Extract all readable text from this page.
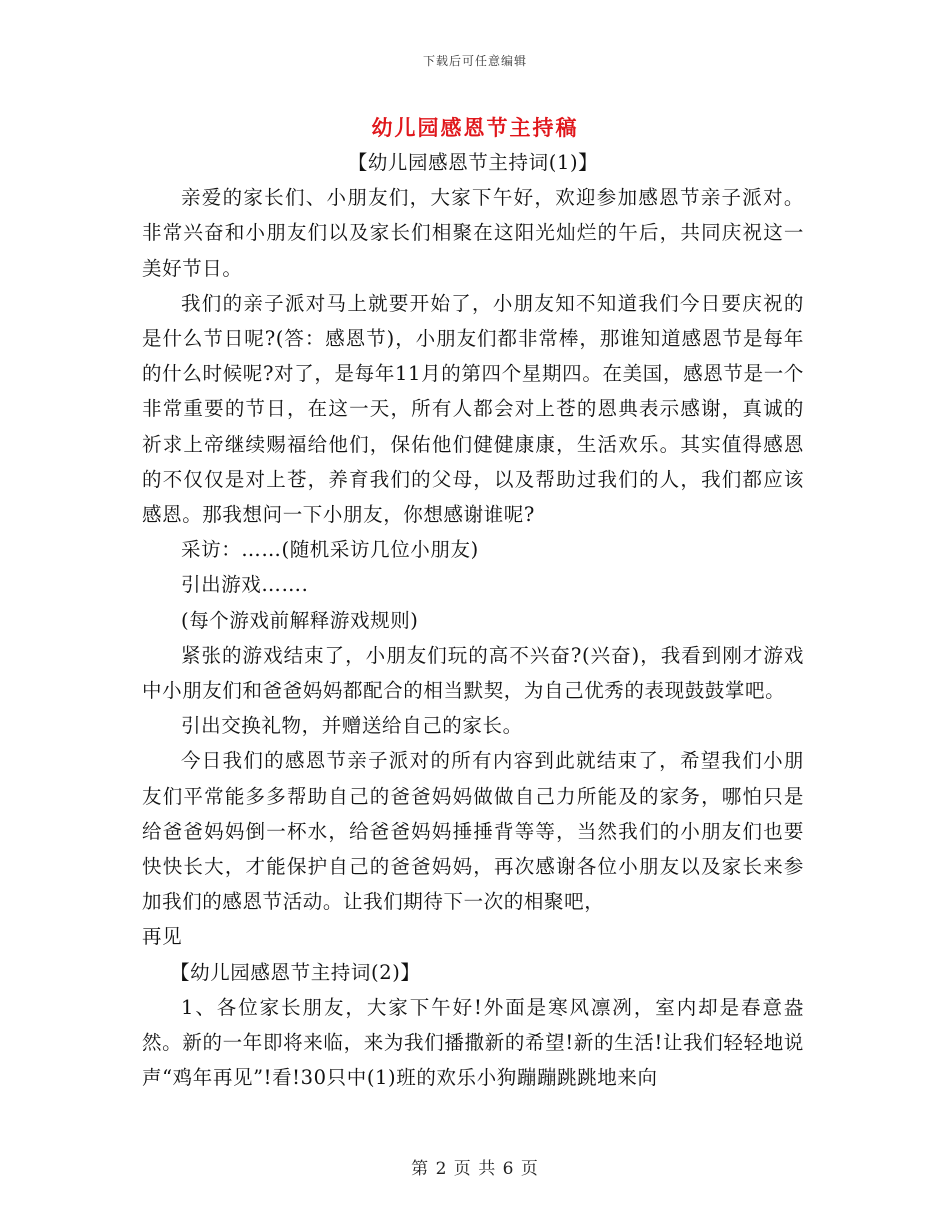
下载后可任意编辑
幼儿园感恩节主持稿

【幼儿园感恩节主持词(1)】

亲爱的家长们、小朋友们，大家下午好，欢迎参加感恩节亲子派对。非常兴奋和小朋友们以及家长们相聚在这阳光灿烂的午后，共同庆祝这一美好节日。

我们的亲子派对马上就要开始了，小朋友知不知道我们今日要庆祝的是什么节日呢?(答：感恩节)，小朋友们都非常棒，那谁知道感恩节是每年的什么时候呢?对了，是每年11月的第四个星期四。在美国，感恩节是一个非常重要的节日，在这一天，所有人都会对上苍的恩典表示感谢，真诚的祈求上帝继续赐福给他们，保佑他们健健康康，生活欢乐。其实值得感恩的不仅仅是对上苍，养育我们的父母，以及帮助过我们的人，我们都应该感恩。那我想问一下小朋友，你想感谢谁呢?

采访：……(随机采访几位小朋友)

引出游戏…….

(每个游戏前解释游戏规则)

紧张的游戏结束了，小朋友们玩的高不兴奋?(兴奋)，我看到刚才游戏中小朋友们和爸爸妈妈都配合的相当默契，为自己优秀的表现鼓鼓掌吧。

引出交换礼物，并赠送给自己的家长。

今日我们的感恩节亲子派对的所有内容到此就结束了，希望我们小朋友们平常能多多帮助自己的爸爸妈妈做做自己力所能及的家务，哪怕只是给爸爸妈妈倒一杯水，给爸爸妈妈捶捶背等等，当然我们的小朋友们也要快快长大，才能保护自己的爸爸妈妈，再次感谢各位小朋友以及家长来参加我们的感恩节活动。让我们期待下一次的相聚吧，

再见

【幼儿园感恩节主持词(2)】

1、各位家长朋友，大家下午好!外面是寒风凛冽，室内却是春意盎然。新的一年即将来临，来为我们播撒新的希望!新的生活!让我们轻轻地说声“鸡年再见”!看!30只中(1)班的欢乐小狗蹦蹦跳跳地来向

第 2 页 共 6 页
